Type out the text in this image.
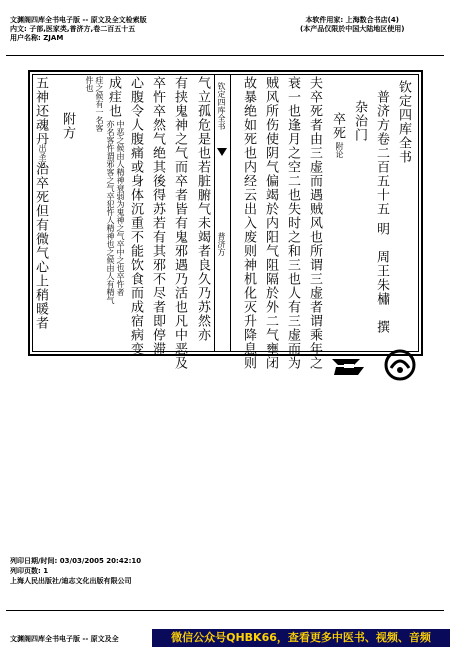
文渊阁四库全书电子版 -- 原文及全文检索版
内文: 子部,医家类,普济方,卷二百五十五
用户名称: ZJAM
本软件用家: 上海数合书店(4)
(本产品仅限於中国大陆地区使用)
钦定四库全书
普济方卷二百五十五
明　周王朱橚　撰
杂治门
卒死
附论
夫卒死者由三虚而遇贼风也所谓三虚者谓乘年之
衰一也逢月之空二也失时之和三也人有三虚而为
贼风所伤使阴气偏竭於内阳气阻隔於外二气壅闭
故暴绝如死也内经云出入废则神机化灭升降息则
气立孤危是也若脏腑气未竭者良久乃苏然亦 钦定四库全书
普济方
有挟鬼神之气而卒者皆有鬼邪遇乃活也凡中恶及
卒忤卒然气绝其後得苏若有其邪不尽者即停滞
心腹令人腹痛或身体沉重不能饮食而成宿病变
成疰也
中恶之候由人精神衰弱为鬼神之气卒中之也卒忤者
亦名客忤谓邪客之气卒犯忤人精神也之候由人有精气
疰之候有一名客
件也
附方
五神还魂丹
出圣方
治卒死但有微气心上稍暖者
列印日期/时间: 03/03/2005 20:42:10
列印页数: 1
上海人民出版社/迪志文化出版有限公司
文渊阁四库全书电子版 -- 原文及全	微信公众号QHBK66，查看更多中医书、视频、音频
